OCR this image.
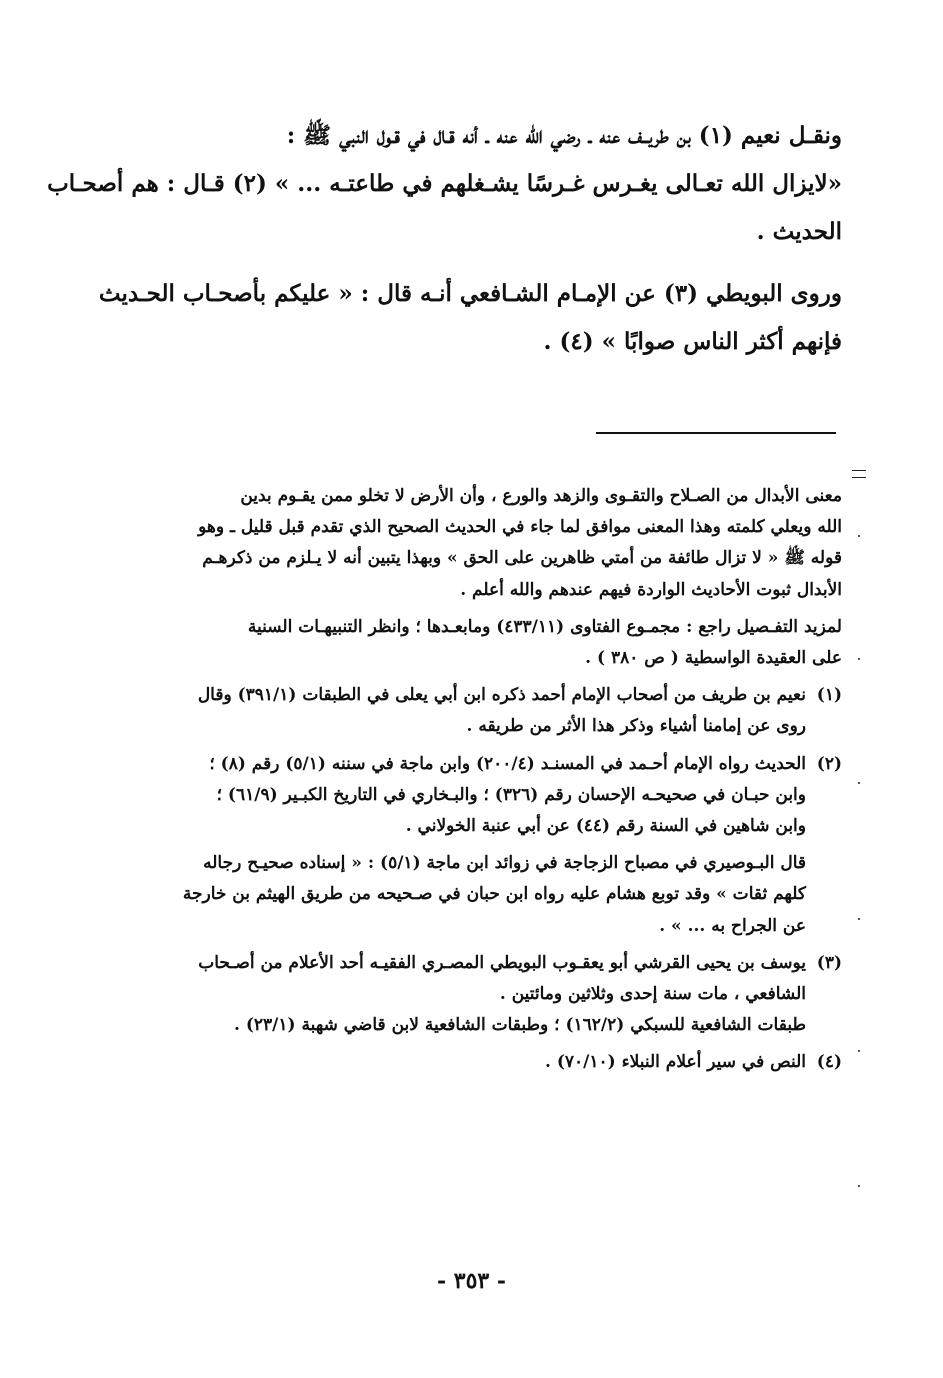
ونقـل نعيم (١) بن طريــف عنه ـ رضي الله عنه ـ أنه قـال في قـول النبي ﷺ :
«لايزال الله تعـالى يغـرس غـرسًا يشـغلهم في طاعتـه ... » (٢) قـال : هم أصحـاب
الحديث .

وروى البويطي (٣) عن الإمـام الشـافعي أنـه قال : « عليكم بأصحـاب الحـديث
فإنهم أكثر الناس صوابًا » (٤) .

معنى الأبدال من الصـلاح والتقـوى والزهد والورع ، وأن الأرض لا تخلو ممن يقـوم بدين
الله ويعلي كلمته وهذا المعنى موافق لما جاء في الحديث الصحيح الذي تقدم قبل قليل ـ وهو
قوله ﷺ « لا تزال طائفة من أمتي ظاهرين على الحق » وبهذا يتبين أنه لا يـلزم من ذكرهـم
الأبدال ثبوت الأحاديث الواردة فيهم عندهم والله أعلم .
لمزيد التفـصيل راجع : مجمـوع الفتاوى (٤٣٣/١١) ومابعـدها ؛ وانظر التنبيهـات السنية
على العقيدة الواسطية ( ص ٣٨٠ ) .
(١)نعيم بن طريف من أصحاب الإمام أحمد ذكره ابن أبي يعلى في الطبقات (٣٩١/١) وقال
روى عن إمامنا أشياء وذكر هذا الأثر من طريقه .
(٢)الحديث رواه الإمام أحـمد في المسنـد (٢٠٠/٤) وابن ماجة في سننه (٥/١) رقم (٨) ؛
وابن حبـان في صحيحـه الإحسان رقم (٣٢٦) ؛ والبـخاري في التاريخ الكبـير (٦١/٩) ؛
وابن شاهين في السنة رقم (٤٤) عن أبي عنبة الخولاني .
قال البـوصيري في مصباح الزجاجة في زوائد ابن ماجة (٥/١) : « إسناده صحيـح رجاله
كلهم ثقات » وقد توبع هشام عليه رواه ابن حبان في صـحيحه من طريق الهيثم بن خارجة
عن الجراح به ... » .
(٣)يوسف بن يحيى القرشي أبو يعقـوب البويطي المصـري الفقيـه أحد الأعلام من أصـحاب
الشافعي ، مات سنة إحدى وثلاثين ومائتين .
طبقات الشافعية للسبكي (١٦٢/٢) ؛ وطبقات الشافعية لابن قاضي شهبة (٢٣/١) .
(٤)النص في سير أعلام النبلاء (٧٠/١٠) .
- ٣٥٣ -
